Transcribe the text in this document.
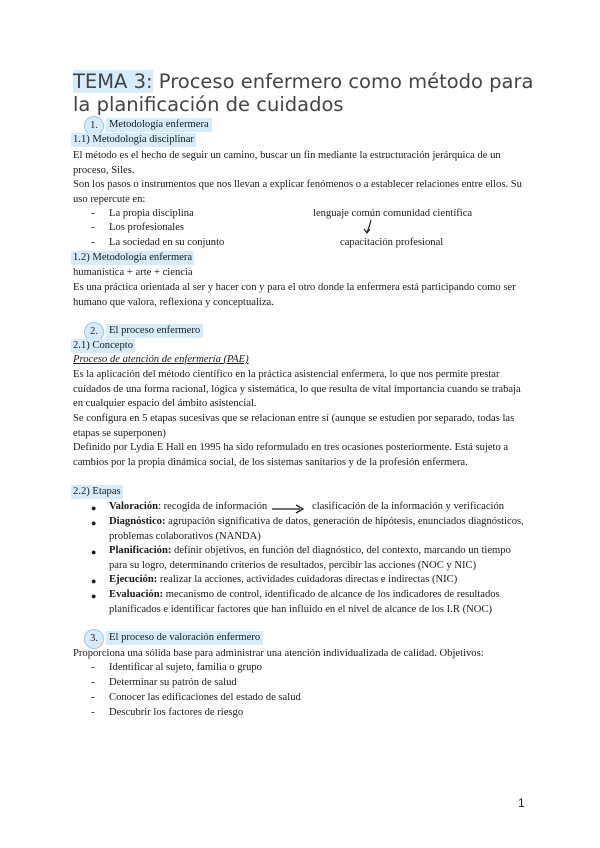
TEMA 3: Proceso enfermero como método para la planificación de cuidados
1.	Metodología enfermera
1.1) Metodología disciplinar
El método es el hecho de seguir un camino, buscar un fin mediante la estructuración jerárquica de un proceso, Siles.
Son los pasos o instrumentos que nos llevan a explicar fenómenos o a establecer relaciones entre ellos. Su uso repercute en:
- La propia disciplina	lenguaje común comunidad científica
- Los profesionales
- La sociedad en su conjunto	capacitación profesional
1.2) Metodología enfermera
humanística + arte + ciencia
Es una práctica orientada al ser y hacer con y para el otro donde la enfermera está participando como ser humano que valora, reflexiona y conceptualiza.
2.	El proceso enfermero
2.1) Concepto
Proceso de atención de enfermería (PAE)
Es la aplicación del método científico en la práctica asistencial enfermera, lo que nos permite prestar cuidados de una forma racional, lógica y sistemática, lo que resulta de vital importancia cuando se trabaja en cualquier espacio del ámbito asistencial.
Se configura en 5 etapas sucesivas que se relacionan entre sí (aunque se estudien por separado, todas las etapas se superponen)
Definido por Lydia E Hall en 1995 ha sido reformulado en tres ocasiones posteriormente. Está sujeto a cambios por la propia dinámica social, de los sistemas sanitarios y de la profesión enfermera.
2.2) Etapas
● Valoración: recogida de información	clasificación de la información y verificación
● Diagnóstico: agrupación significativa de datos, generación de hipótesis, enunciados diagnósticos, problemas colaborativos (NANDA)
● Planificación: definir objetivos, en función del diagnóstico, del contexto, marcando un tiempo para su logro, determinando criterios de resultados, percibir las acciones (NOC y NIC)
● Ejecución: realizar la acciones, actividades cuidadoras directas e indirectas (NIC)
● Evaluación: mecanismo de control, identificado de alcance de los indicadores de resultados planificados e identificar factores que han influido en el nivel de alcance de los I.R (NOC)
3.	El proceso de valoración enfermero
Proporciona una sólida base para administrar una atención individualizada de calidad. Objetivos:
- Identificar al sujeto, familia o grupo
- Determinar su patrón de salud
- Conocer las edificaciones del estado de salud
- Descubrir los factores de riesgo
1
